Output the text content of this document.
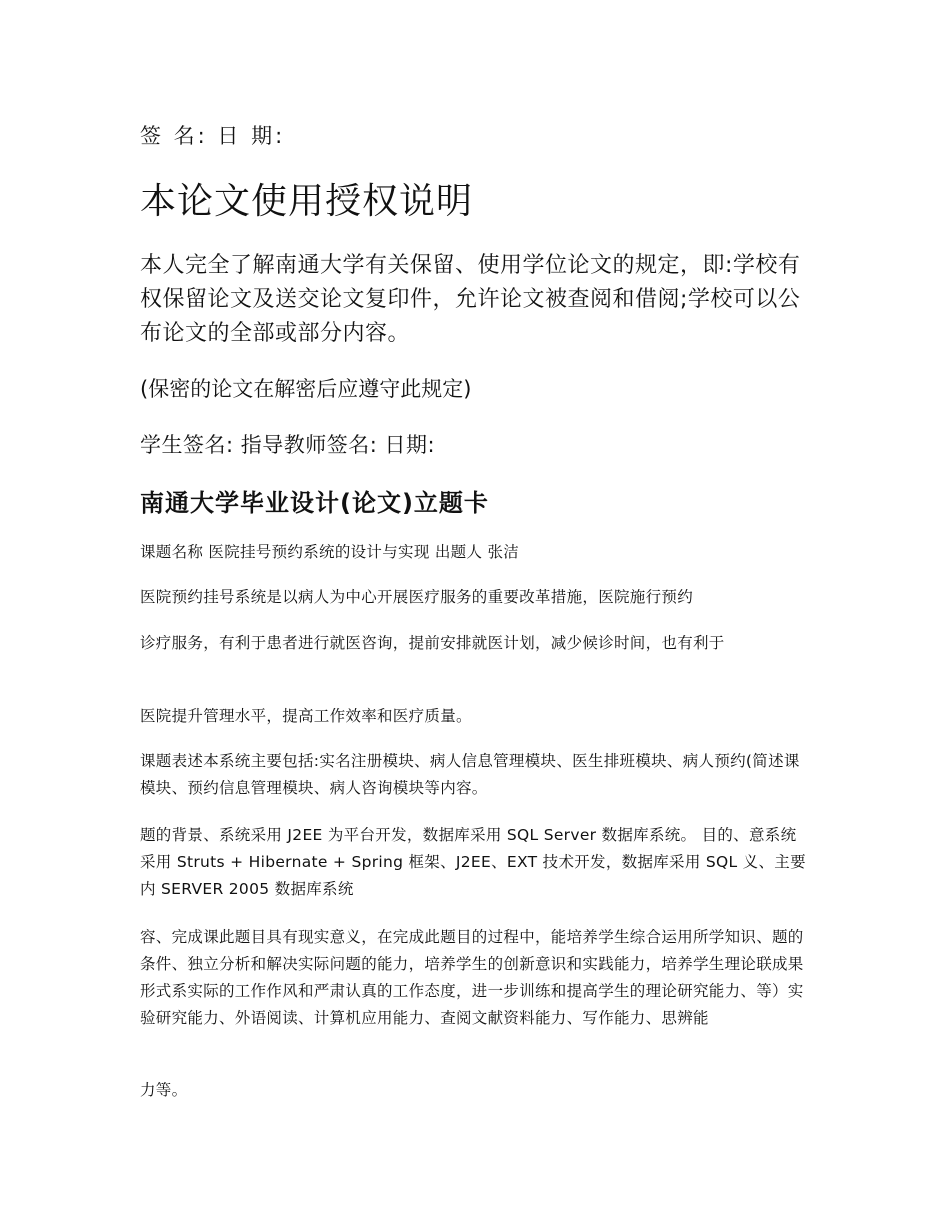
签 名: 日 期:

本论文使用授权说明

本人完全了解南通大学有关保留、使用学位论文的规定，即:学校有权保留论文及送交论文复印件，允许论文被查阅和借阅;学校可以公布论文的全部或部分内容。

(保密的论文在解密后应遵守此规定)

学生签名: 指导教师签名: 日期:

南通大学毕业设计(论文)立题卡

课题名称 医院挂号预约系统的设计与实现 出题人 张洁

医院预约挂号系统是以病人为中心开展医疗服务的重要改革措施，医院施行预约

诊疗服务，有利于患者进行就医咨询，提前安排就医计划，减少候诊时间，也有利于

医院提升管理水平，提高工作效率和医疗质量。

课题表述本系统主要包括:实名注册模块、病人信息管理模块、医生排班模块、病人预约(简述课模块、预约信息管理模块、病人咨询模块等内容。

题的背景、系统采用 J2EE 为平台开发，数据库采用 SQL Server 数据库系统。 目的、意系统采用 Struts + Hibernate + Spring 框架、J2EE、EXT 技术开发，数据库采用 SQL 义、主要内 SERVER 2005 数据库系统

容、完成课此题目具有现实意义，在完成此题目的过程中，能培养学生综合运用所学知识、题的条件、独立分析和解决实际问题的能力，培养学生的创新意识和实践能力，培养学生理论联成果形式系实际的工作作风和严肃认真的工作态度，进一步训练和提高学生的理论研究能力、等）实验研究能力、外语阅读、计算机应用能力、查阅文献资料能力、写作能力、思辨能

力等。
